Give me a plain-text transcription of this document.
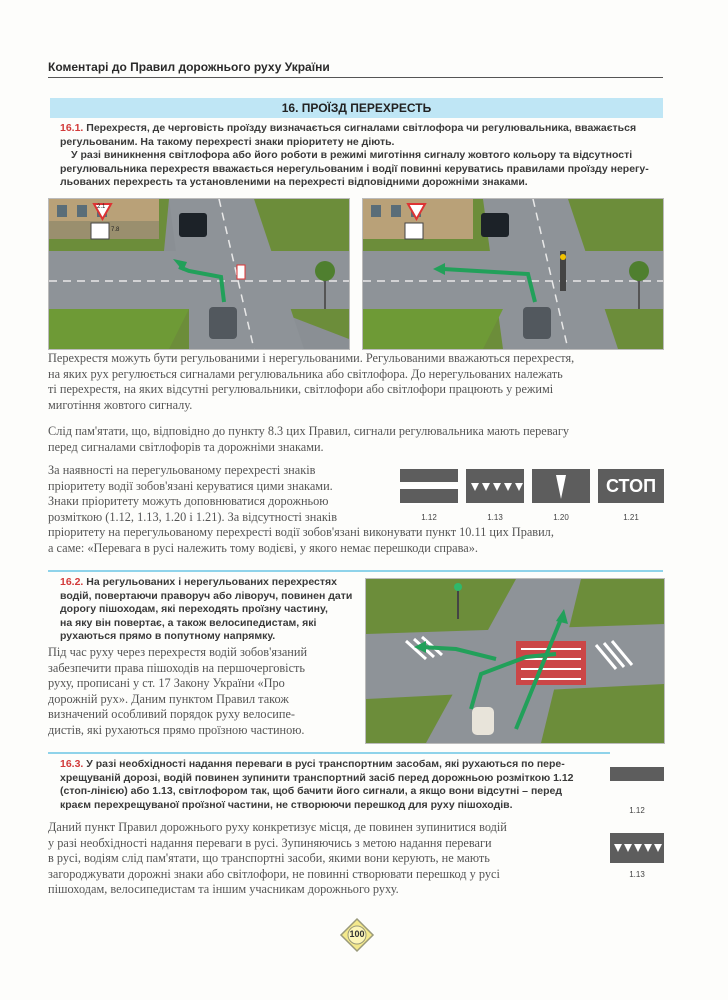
Коментарі до Правил дорожнього руху України
16. ПРОЇЗД ПЕРЕХРЕСТЬ
16.1. Перехрестя, де черговість проїзду визначається сигналами світлофора чи регулювальника, вважається
регульованим. На такому перехресті знаки пріоритету не діють.
У разі виникнення світлофора або його роботи в режимі миготіння сигналу жовтого кольору та відсутності
регулювальника перехрестя вважається нерегульованим і водії повинні керуватись правилами проїзду нерегу-
льованих перехресть та установленими на перехресті відповідними дорожніми знаками.
2.1
7.8
Перехрестя можуть бути регульованими і нерегульованими. Регульованими вважаються перехрестя,
на яких рух регулюється сигналами регулювальника або світлофора. До нерегульованих належать
ті перехрестя, на яких відсутні регулювальники, світлофори або світлофори працюють у режимі
миготіння жовтого сигналу.
Слід пам'ятати, що, відповідно до пункту 8.3 цих Правил, сигнали регулювальника мають перевагу
перед сигналами світлофорів та дорожніми знаками.
За наявності на перегульованому перехресті знаків
пріоритету водії зобов'язані керуватися цими знаками.
Знаки пріоритету можуть доповнюватися дорожньою
розміткою (1.12, 1.13, 1.20 і 1.21). За відсутності знаків
пріоритету на перегульованому перехресті водії зобов'язані виконувати пункт 10.11 цих Правил,
а саме: «Перевага в русі належить тому водієві, у якого немає перешкоди справа».
СТОП
1.12	1.13	1.20	1.21
16.2. На регульованих і нерегульованих перехрестях
водій, повертаючи праворуч або ліворуч, повинен дати
дорогу пішоходам, які переходять проїзну частину,
на яку він повертає, а також велосипедистам, які
рухаються прямо в попутному напрямку.
Під час руху через перехрестя водій зобов'язаний
забезпечити права пішоходів на першочерговість
руху, прописані у ст. 17 Закону України «Про
дорожній рух». Даним пунктом Правил також
визначений особливий порядок руху велосипе-
дистів, які рухаються прямо проїзною частиною.
16.3. У разі необхідності надання переваги в русі транспортним засобам, які рухаються по пере-
хрещуваній дорозі, водій повинен зупинити транспортний засіб перед дорожньою розміткою 1.12
(стоп-лінією) або 1.13, світлофором так, щоб бачити його сигнали, а якщо вони відсутні – перед
краєм перехрещуваної проїзної частини, не створюючи перешкод для руху пішоходів.
Даний пункт Правил дорожнього руху конкретизує місця, де повинен зупинитися водій
у разі необхідності надання переваги в русі. Зупиняючись з метою надання переваги
в русі, водіям слід пам'ятати, що транспортні засоби, якими вони керують, не мають
загороджувати дорожні знаки або світлофори, не повинні створювати перешкод у русі
пішоходам, велосипедистам та іншим учасникам дорожнього руху.
1.12
1.13
100
